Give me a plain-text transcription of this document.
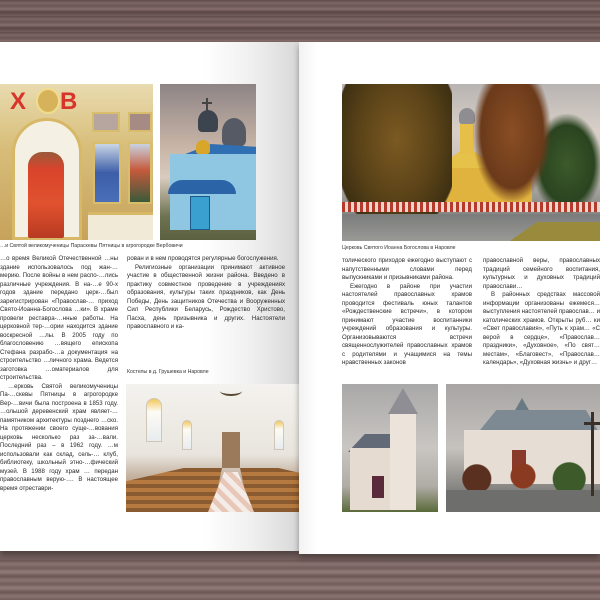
Х В
…и Святой великомученицы Параскевы Пятницы в агрогородке Вербовичи

…о время Великой Отечественной …ны здание использовалось под жан-…мерию. После войны в нем распо-…лись различные учреждения. В на-…е 90-х годов здание передано церк-…был зарегистрирован «Православ-… приход Свято-Иоанна-Богослова …ки». В храме провели реставра-…нные работы. На церковной тер-…ории находится здание воскресной …лы. В 2005 году по благословению …вящего епископа Стефана разрабо-…а документация на строительство …личного храма. Ведется заготовка …оматериалов для строительства.

…ерковь Святой великомученицы Па-…скевы Пятницы в агрогородке Вер-…вичи была построена в 1853 году. …ольшой деревенский храм являет-…памятником архитектуры позднего …ско. На протяжении своего суще-…вования церковь несколько раз за-…вали. Последний раз – в 1962 году. …м использовали как склад, сель-… клуб, библиотеку, школьный этно-…фический музей. В 1988 году храм … передан православным верую-…. В настоящее время отреставри-

рован и в нем проводятся регулярные богослужения.

Религиозные организации принимают активное участие в общественной жизни района. Введено в практику совместное проведение в учреждениях образования, культуры таких праздников, как День Победы, День защитников Отечества и Вооруженных Сил Республики Беларусь, Рождество Христово, Пасха, день призывника и других. Настоятели православного и ка-

Костелы в д. Грушевка и Наровле
Церковь Святого Иоанна Богослова в Наровле

толического приходов ежегодно выступают с напутственными словами перед выпускниками и призывниками района.

Ежегодно в районе при участии настоятелей православных храмов проводится фестиваль юных талантов «Рождественские встречи», в котором принимают участие воспитанники учреждений образования и культуры. Организовываются встречи священнослужителей православных храмов с родителями и учащимися на темы нравственных законов

православной веры, православных традиций семейного воспитания, культурных и духовных традиций православи…

В районных средствах массовой информации организованы ежемеся… выступления настоятелей православ… и католических храмов. Открыты руб… ки «Свет православия», «Путь к храм… «С верой в сердце», «Православ… праздники», «Духовное», «По свят… местам», «Благовест», «Православ… календарь», «Духовная жизнь» и друг…
